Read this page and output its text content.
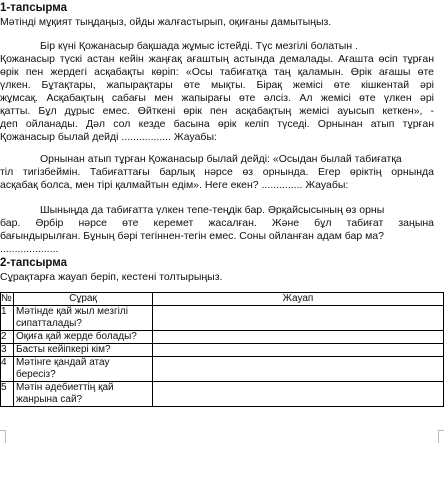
1-тапсырма
Мәтінді мұқият тыңдаңыз, ойды жалғастырып, оқиғаны дамытыңыз.
Бір күні Қожанасыр бақшада жұмыс істейді. Түс мезгілі болатын .
Қожанасыр түскі астан кейін жаңғақ ағаштың астында демалады. Ағашта өсіп тұрған
өрік пен жердегі асқабақты көріп: «Осы табиғатқа таң қаламын. Өрік ағашы өте
үлкен. Бұтақтары, жапырақтары өте мықты. Бірақ жемісі өте кішкентай әрі
жұмсақ. Асқабақтың сабағы мен жапырағы өте әлсіз. Ал жемісі өте үлкен әрі
қатты. Бұл дұрыс емес. Өйткені өрік пен асқабақтың жемісі ауысып кеткен», -
деп ойланады. Дәл сол кезде басына өрік келіп түседі. Орнынан атып тұрған
Қожанасыр былай дейді ................. Жауабы:
Орнынан атып тұрған Қожанасыр былай дейді: «Осыдан былай табиғатқа
тіл тигізбеймін. Табиғаттағы барлық нәрсе өз орнында. Егер өріктің орнында
асқабақ болса, мен тірі қалмайтын едім». Неге екен? .............. Жауабы:
Шыныңда да табиғатта үлкен тепе-теңдік бар. Әрқайсысының өз орны
бар. Әрбір нәрсе өте керемет жасалған. Және бұл табиғат заңына
бағындырылған. Бұның бәрі тегіннен-тегін емес. Соны ойланған адам бар ма?
....................
2-тапсырма
Сұрақтарға жауап беріп, кестені толтырыңыз.
№	Сұрақ	Жауап
1	Мәтінде қай жыл мезгілі
сипатталады?	

2	Оқиға қай жерде болады?	

3	Басты кейіпкері кім?	

4	Мәтінге қандай атау бересіз?	

5	Мәтін әдебиеттің қай
жанрына сай?	
